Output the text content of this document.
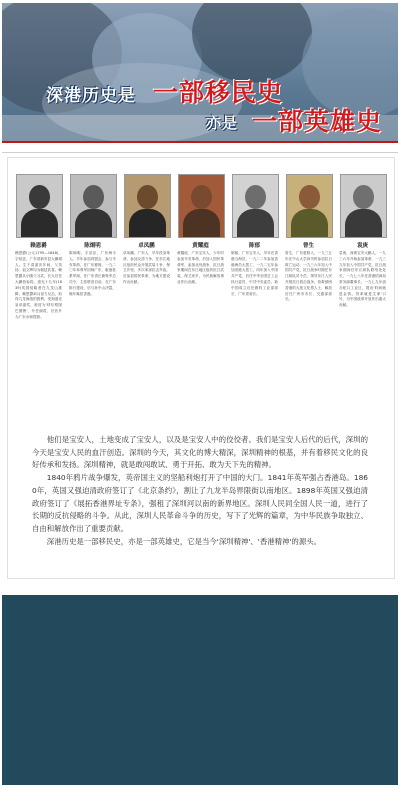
深港历史是 一部移民史
亦是 一部英雄史
赖恩爵
赖恩爵(公元1795—1848)，字绍廷，广东省新安县大鹏城人。生于清嘉庆年间，父英扬、祖文辉均为朝廷武将。赖恩爵从小随父习武，长大后任大鹏营参将。道光十九年(1839)英国侵略者在九龙山挑衅，赖恩爵率兵奋力反击，取得九龙海战的胜利，受到道光皇帝嘉奖，被封为'呼尔察图巴图鲁'，升任副将，后晋升为广东水师提督。
陈炯明
陈炯明，字竞存，广东海丰人。早年参加同盟会，参与辛亥革命，任广东都督。一九二〇年率粤军回师广东，驱逐桂系军阀，任广东省长兼粤军总司令，主张联省自治，在广东推行建设，后与孙中山决裂，晚年寓居香港。
卓凤鹏
卓凤鹏，广东人，早年投身革命，参加反清斗争，在东江地区组织民众开展武装斗争，保卫乡里，多次率部抗击外敌，后参加国民革命，为地方建设作出贡献。
黄耀庭
黄耀庭，广东宝安人，少年时参加辛亥革命，后加入国民革命军，参加北伐战争，抗日战争期间在东江地区组织抗日武装，保卫家乡，为民族解放事业作出贡献。
陈郁
陈郁，广东宝安人，早年在香港当海员，一九二二年参加香港海员大罢工，一九二五年参加省港大罢工，同年加入中国共产党，后任中华全国总工会执行委员、中共中央委员，新中国成立后任燃料工业部部长、广东省省长。
曾生
曾生，广东惠阳人，一九三五年在中山大学读书时参加抗日救亡运动，一九三六年加入中国共产党，抗日战争时期任东江纵队司令员，领导东江人民开展抗日游击战争，营救被困香港的大批文化界人士，解放后任广州市市长、交通部部长。
袁庚
袁庚，深圳宝安大鹏人，一九三六年开始参加革命，一九三九年加入中国共产党，抗日战争期间任东江纵队联络处处长，一九七八年任香港招商局常务副董事长，一九七九年创办蛇口工业区，提出'时间就是金钱，效率就是生命'口号，为中国改革开放作出重大贡献。

他们是宝安人，土地变成了宝安人，以及是宝安人中的佼佼者。我们是宝安人后代的后代，深圳的今天是宝安人民的血汗创造。深圳的今天，其文化的博大精深，深圳精神的根基，并有着移民文化的良好传承和发扬。深圳精神，就是敢闯敢试、勇于开拓、敢为天下先的精神。

1840年鸦片战争爆发，英帝国主义的坚船利炮打开了中国的大门。1841年英军强占香港岛。1860年，英国又强迫清政府签订了《北京条约》，割让了九龙半岛界限街以南地区。1898年英国又强迫清政府签订了《展拓香港界址专条》，强租了深圳河以南的新界地区。深圳人民同全国人民一道，进行了长期的反抗侵略的斗争。从此，深圳人民革命斗争的历史，写下了光辉的篇章，为中华民族争取独立、自由和解放作出了重要贡献。

深港历史是一部移民史，亦是一部英雄史，它是当今'深圳精神'、'香港精神'的源头。
